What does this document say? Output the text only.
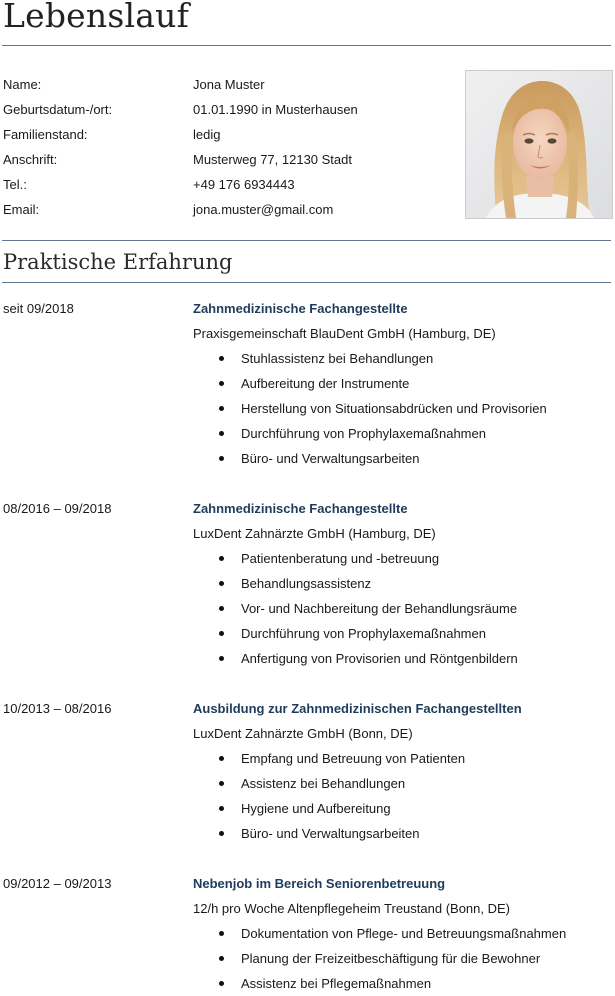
Lebenslauf
Name:	Jona Muster
Geburtsdatum-/ort:	01.01.1990 in Musterhausen
Familienstand:	ledig
Anschrift:	Musterweg 77, 12130 Stadt
Tel.:	+49 176 6934443
Email:	jona.muster@gmail.com
Praktische Erfahrung
seit 09/2018	Zahnmedizinische Fachangestellte
Praxisgemeinschaft BlauDent GmbH (Hamburg, DE)
Stuhlassistenz bei Behandlungen
Aufbereitung der Instrumente
Herstellung von Situationsabdrücken und Provisorien
Durchführung von Prophylaxemaßnahmen
Büro- und Verwaltungsarbeiten
08/2016 – 09/2018	Zahnmedizinische Fachangestellte
LuxDent Zahnärzte GmbH (Hamburg, DE)
Patientenberatung und -betreuung
Behandlungsassistenz
Vor- und Nachbereitung der Behandlungsräume
Durchführung von Prophylaxemaßnahmen
Anfertigung von Provisorien und Röntgenbildern
10/2013 – 08/2016	Ausbildung zur Zahnmedizinischen Fachangestellten
LuxDent Zahnärzte GmbH (Bonn, DE)
Empfang und Betreuung von Patienten
Assistenz bei Behandlungen
Hygiene und Aufbereitung
Büro- und Verwaltungsarbeiten
09/2012 – 09/2013	Nebenjob im Bereich Seniorenbetreuung
12/h pro Woche Altenpflegeheim Treustand (Bonn, DE)
Dokumentation von Pflege- und Betreuungsmaßnahmen
Planung der Freizeitbeschäftigung für die Bewohner
Assistenz bei Pflegemaßnahmen
